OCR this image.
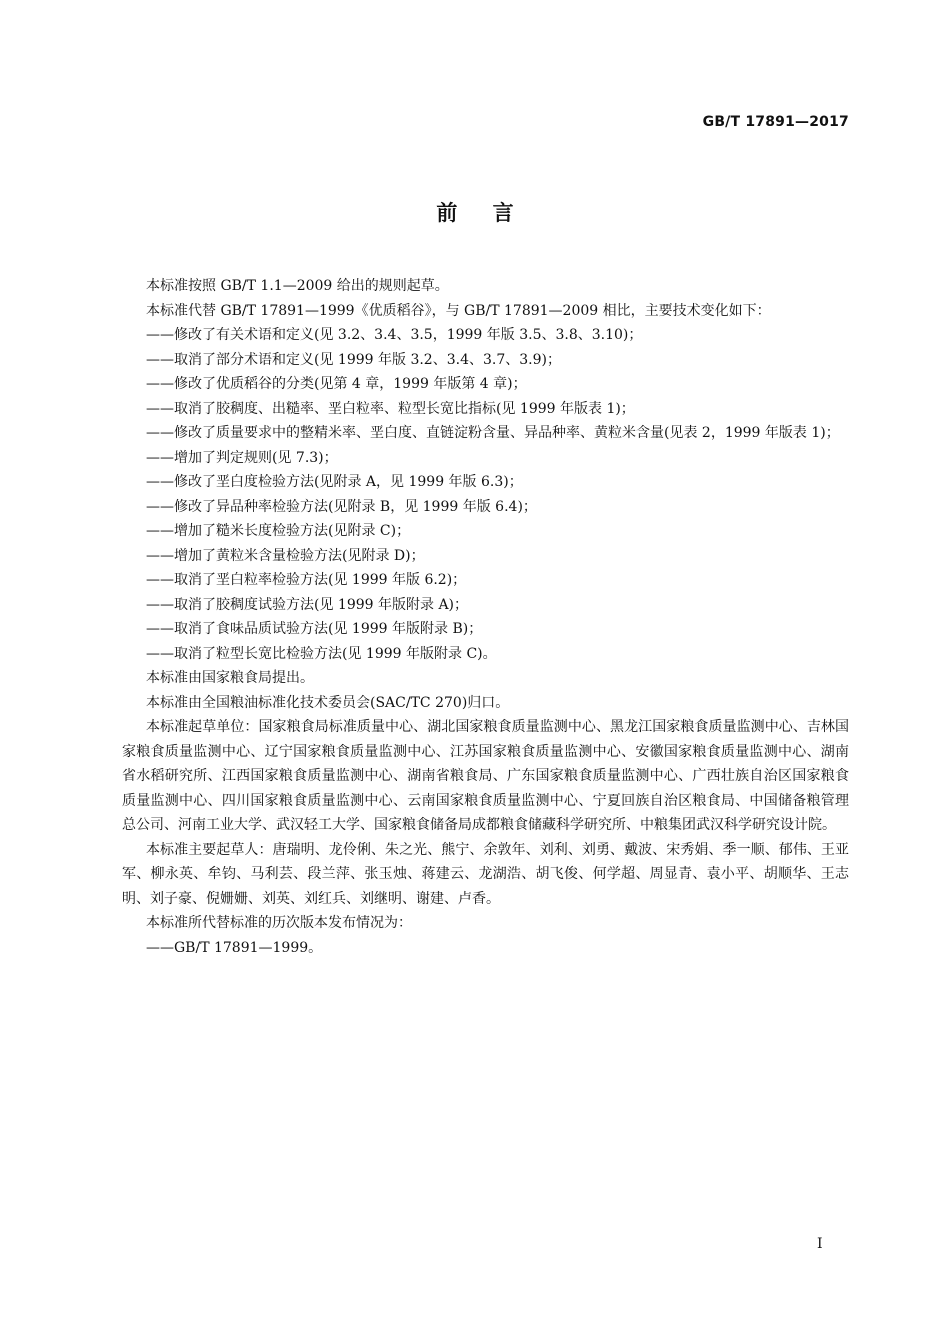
GB/T 17891—2017
前 言

本标准按照 GB/T 1.1—2009 给出的规则起草。

本标准代替 GB/T 17891—1999《优质稻谷》，与 GB/T 17891—2009 相比，主要技术变化如下：

——修改了有关术语和定义(见 3.2、3.4、3.5，1999 年版 3.5、3.8、3.10)；

——取消了部分术语和定义(见 1999 年版 3.2、3.4、3.7、3.9)；

——修改了优质稻谷的分类(见第 4 章，1999 年版第 4 章)；

——取消了胶稠度、出糙率、垩白粒率、粒型长宽比指标(见 1999 年版表 1)；

——修改了质量要求中的整精米率、垩白度、直链淀粉含量、异品种率、黄粒米含量(见表 2，1999 年版表 1)；

——增加了判定规则(见 7.3)；

——修改了垩白度检验方法(见附录 A，见 1999 年版 6.3)；

——修改了异品种率检验方法(见附录 B，见 1999 年版 6.4)；

——增加了糙米长度检验方法(见附录 C)；

——增加了黄粒米含量检验方法(见附录 D)；

——取消了垩白粒率检验方法(见 1999 年版 6.2)；

——取消了胶稠度试验方法(见 1999 年版附录 A)；

——取消了食味品质试验方法(见 1999 年版附录 B)；

——取消了粒型长宽比检验方法(见 1999 年版附录 C)。

本标准由国家粮食局提出。

本标准由全国粮油标准化技术委员会(SAC/TC 270)归口。

本标准起草单位：国家粮食局标准质量中心、湖北国家粮食质量监测中心、黑龙江国家粮食质量监测中心、吉林国家粮食质量监测中心、辽宁国家粮食质量监测中心、江苏国家粮食质量监测中心、安徽国家粮食质量监测中心、湖南省水稻研究所、江西国家粮食质量监测中心、湖南省粮食局、广东国家粮食质量监测中心、广西壮族自治区国家粮食质量监测中心、四川国家粮食质量监测中心、云南国家粮食质量监测中心、宁夏回族自治区粮食局、中国储备粮管理总公司、河南工业大学、武汉轻工大学、国家粮食储备局成都粮食储藏科学研究所、中粮集团武汉科学研究设计院。

本标准主要起草人：唐瑞明、龙伶俐、朱之光、熊宁、余敦年、刘利、刘勇、戴波、宋秀娟、季一顺、郁伟、王亚军、柳永英、牟钧、马利芸、段兰萍、张玉烛、蒋建云、龙湖浩、胡飞俊、何学超、周显青、袁小平、胡顺华、王志明、刘子豪、倪姗姗、刘英、刘红兵、刘继明、谢建、卢香。

本标准所代替标准的历次版本发布情况为：

——GB/T 17891—1999。

I
